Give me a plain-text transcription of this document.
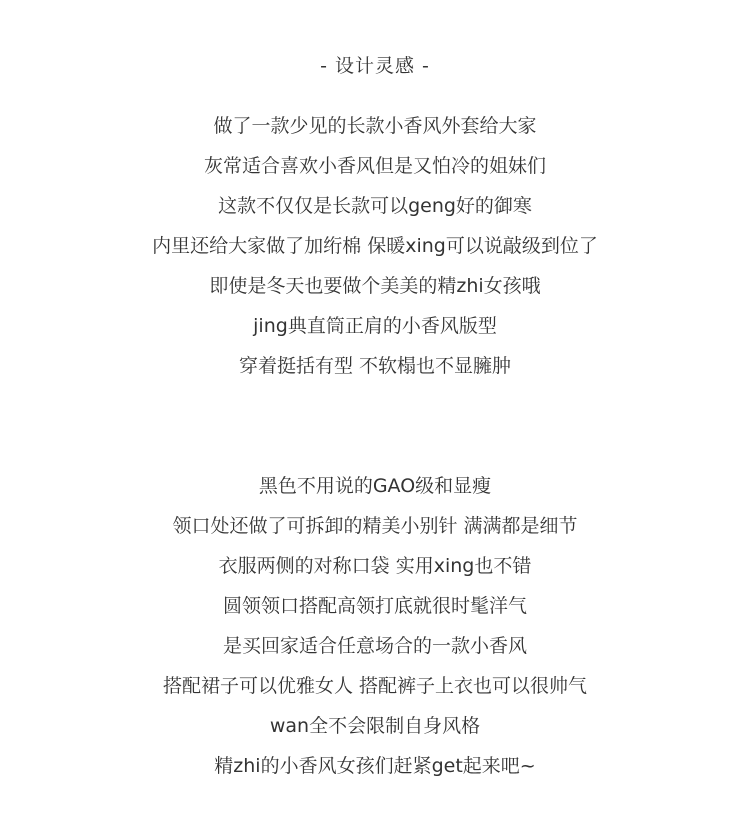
- 设计灵感 -
做了一款少见的长款小香风外套给大家
灰常适合喜欢小香风但是又怕冷的姐妹们
这款不仅仅是长款可以geng好的御寒
内里还给大家做了加绗棉 保暖xing可以说敲级到位了
即使是冬天也要做个美美的精zhi女孩哦
jing典直筒正肩的小香风版型
穿着挺括有型 不软榻也不显臃肿
黑色不用说的GAO级和显瘦
领口处还做了可拆卸的精美小别针 满满都是细节
衣服两侧的对称口袋 实用xing也不错
圆领领口搭配高领打底就很时髦洋气
是买回家适合任意场合的一款小香风
搭配裙子可以优雅女人 搭配裤子上衣也可以很帅气
wan全不会限制自身风格
精zhi的小香风女孩们赶紧get起来吧~
